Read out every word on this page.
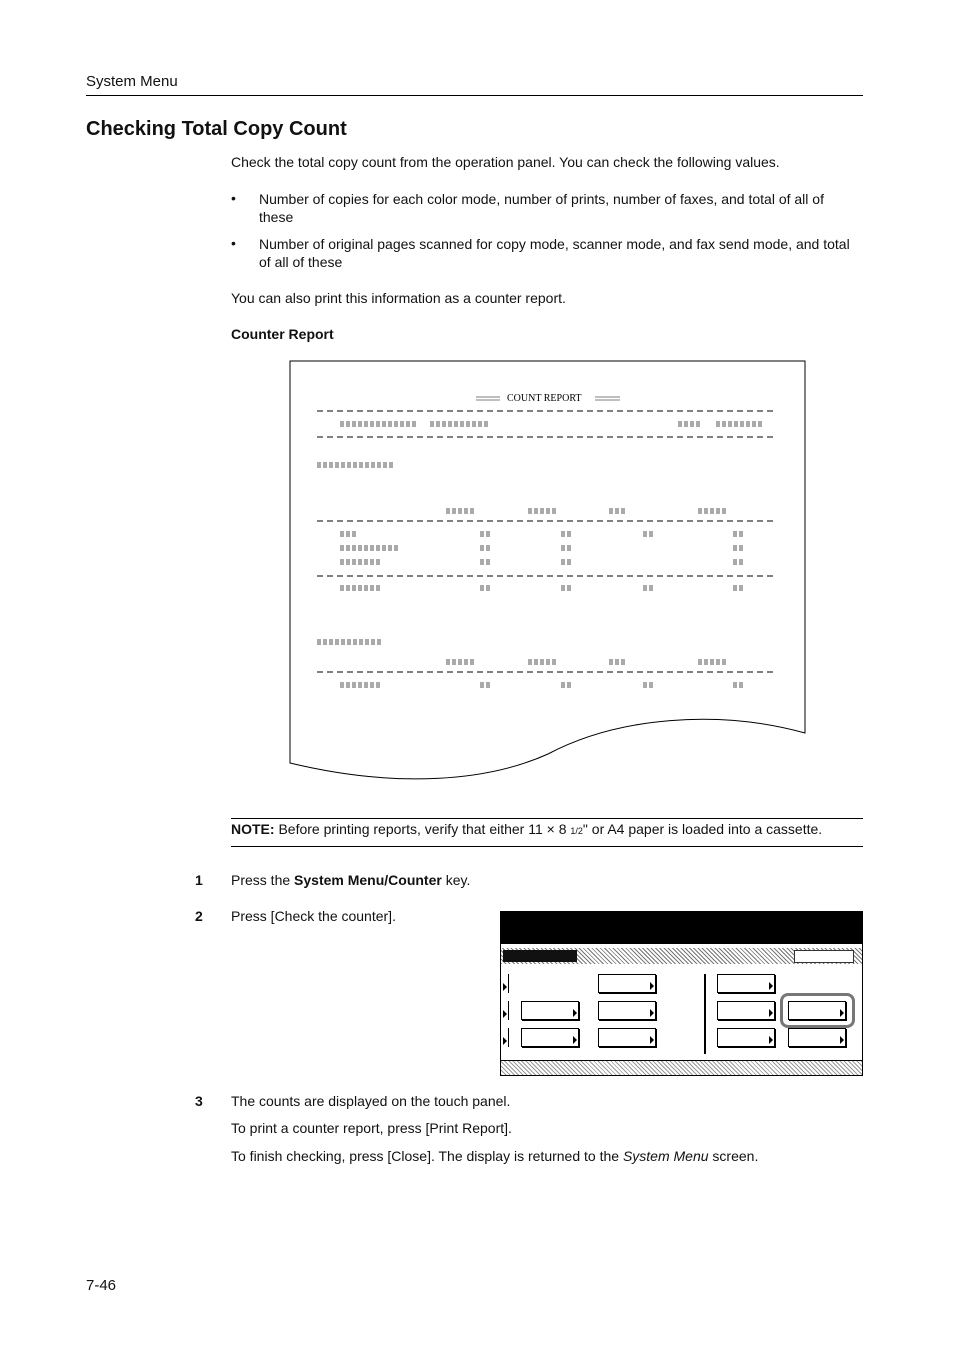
System Menu
Checking Total Copy Count
Check the total copy count from the operation panel. You can check the following values.
• Number of copies for each color mode, number of prints, number of faxes, and total of all of
these
• Number of original pages scanned for copy mode, scanner mode, and fax send mode, and total
of all of these
You can also print this information as a counter report.
Counter Report
COUNT REPORT
NOTE: Before printing reports, verify that either 11 × 8 1/2" or A4 paper is loaded into a cassette.
1 Press the System Menu/Counter key.
2 Press [Check the counter].
3 The counts are displayed on the touch panel.
To print a counter report, press [Print Report].
To finish checking, press [Close]. The display is returned to the System Menu screen.
7-46
